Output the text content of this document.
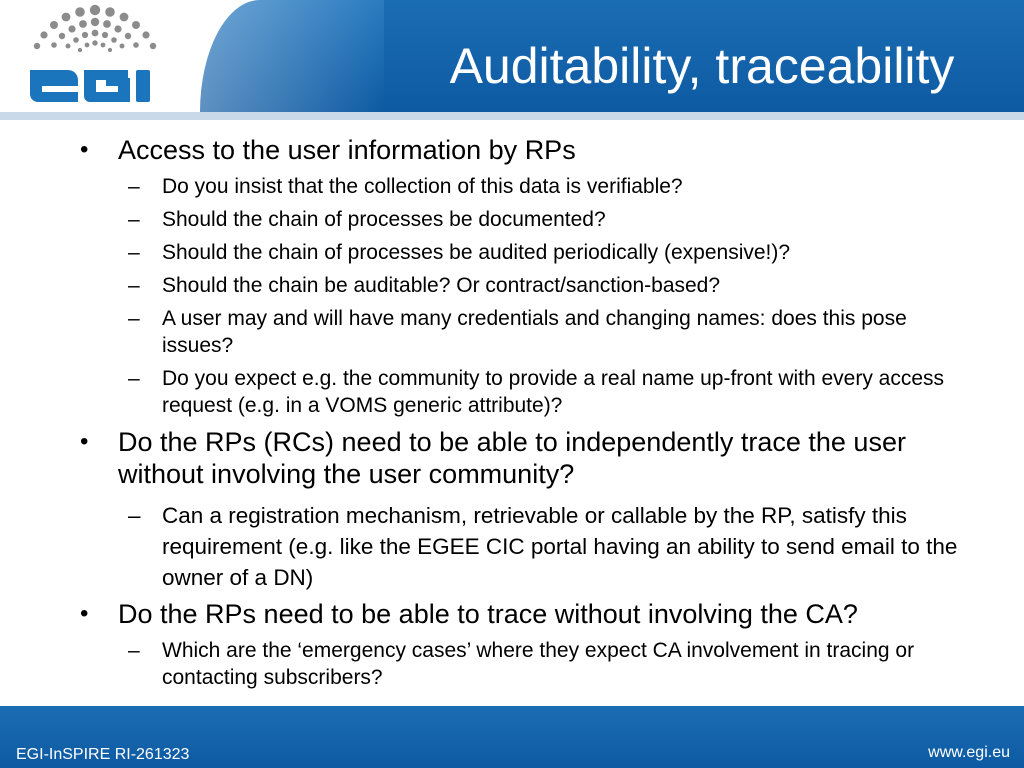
Auditability, traceability
•	Access to the user information by RPs
–	Do you insist that the collection of this data is verifiable?
–	Should the chain of processes be documented?
–	Should the chain of processes be audited periodically (expensive!)?
–	Should the chain be auditable? Or contract/sanction-based?
–	A user may and will have many credentials and changing names: does this pose issues?
–	Do you expect e.g. the community to provide a real name up-front with every access request (e.g. in a VOMS generic attribute)?
•	Do the RPs (RCs) need to be able to independently trace the user without involving the user community?
– Can a registration mechanism, retrievable or callable by the RP, satisfy this requirement (e.g. like the EGEE CIC portal having an ability to send email to the owner of a DN)
•	Do the RPs need to be able to trace without involving the CA?
–	Which are the ‘emergency cases’ where they expect CA involvement in tracing or contacting subscribers?
EGI-InSPIRE RI-261323	www.egi.eu
